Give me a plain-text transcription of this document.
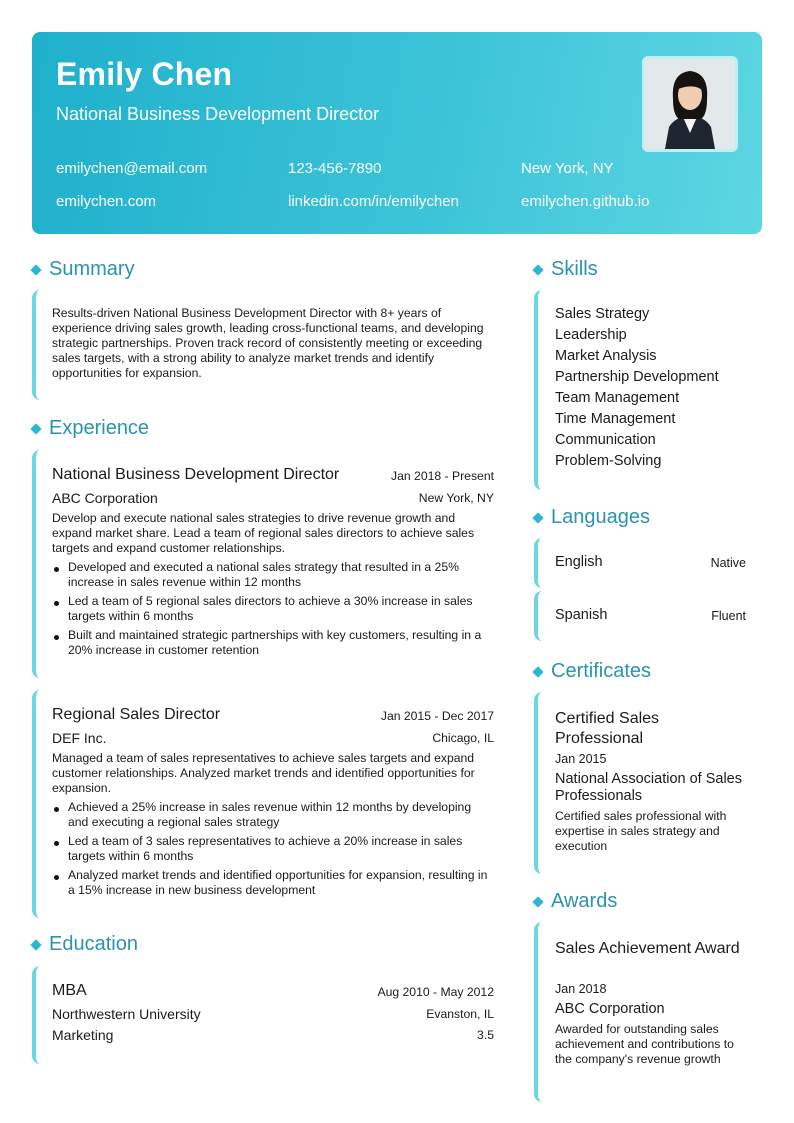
Emily Chen
National Business Development Director
emilychen@email.com	123-456-7890	New York, NY
emilychen.com	linkedin.com/in/emilychen	emilychen.github.io
Summary
Results-driven National Business Development Director with 8+ years of experience driving sales growth, leading cross-functional teams, and developing strategic partnerships. Proven track record of consistently meeting or exceeding sales targets, with a strong ability to analyze market trends and identify opportunities for expansion.
Experience
National Business Development Director	Jan 2018 - Present
ABC Corporation	New York, NY
Develop and execute national sales strategies to drive revenue growth and expand market share. Lead a team of regional sales directors to achieve sales targets and expand customer relationships.
Developed and executed a national sales strategy that resulted in a 25% increase in sales revenue within 12 months
Led a team of 5 regional sales directors to achieve a 30% increase in sales targets within 6 months
Built and maintained strategic partnerships with key customers, resulting in a 20% increase in customer retention
Regional Sales Director	Jan 2015 - Dec 2017
DEF Inc.	Chicago, IL
Managed a team of sales representatives to achieve sales targets and expand customer relationships. Analyzed market trends and identified opportunities for expansion.
Achieved a 25% increase in sales revenue within 12 months by developing and executing a regional sales strategy
Led a team of 3 sales representatives to achieve a 20% increase in sales targets within 6 months
Analyzed market trends and identified opportunities for expansion, resulting in a 15% increase in new business development
Education
MBA	Aug 2010 - May 2012
Northwestern University	Evanston, IL
Marketing	3.5
Skills
Sales Strategy
Leadership
Market Analysis
Partnership Development
Team Management
Time Management
Communication
Problem-Solving
Languages
English	Native
Spanish	Fluent
Certificates
Certified Sales Professional
Jan 2015
National Association of Sales Professionals
Certified sales professional with expertise in sales strategy and execution
Awards
Sales Achievement Award
Jan 2018
ABC Corporation
Awarded for outstanding sales achievement and contributions to the company's revenue growth
